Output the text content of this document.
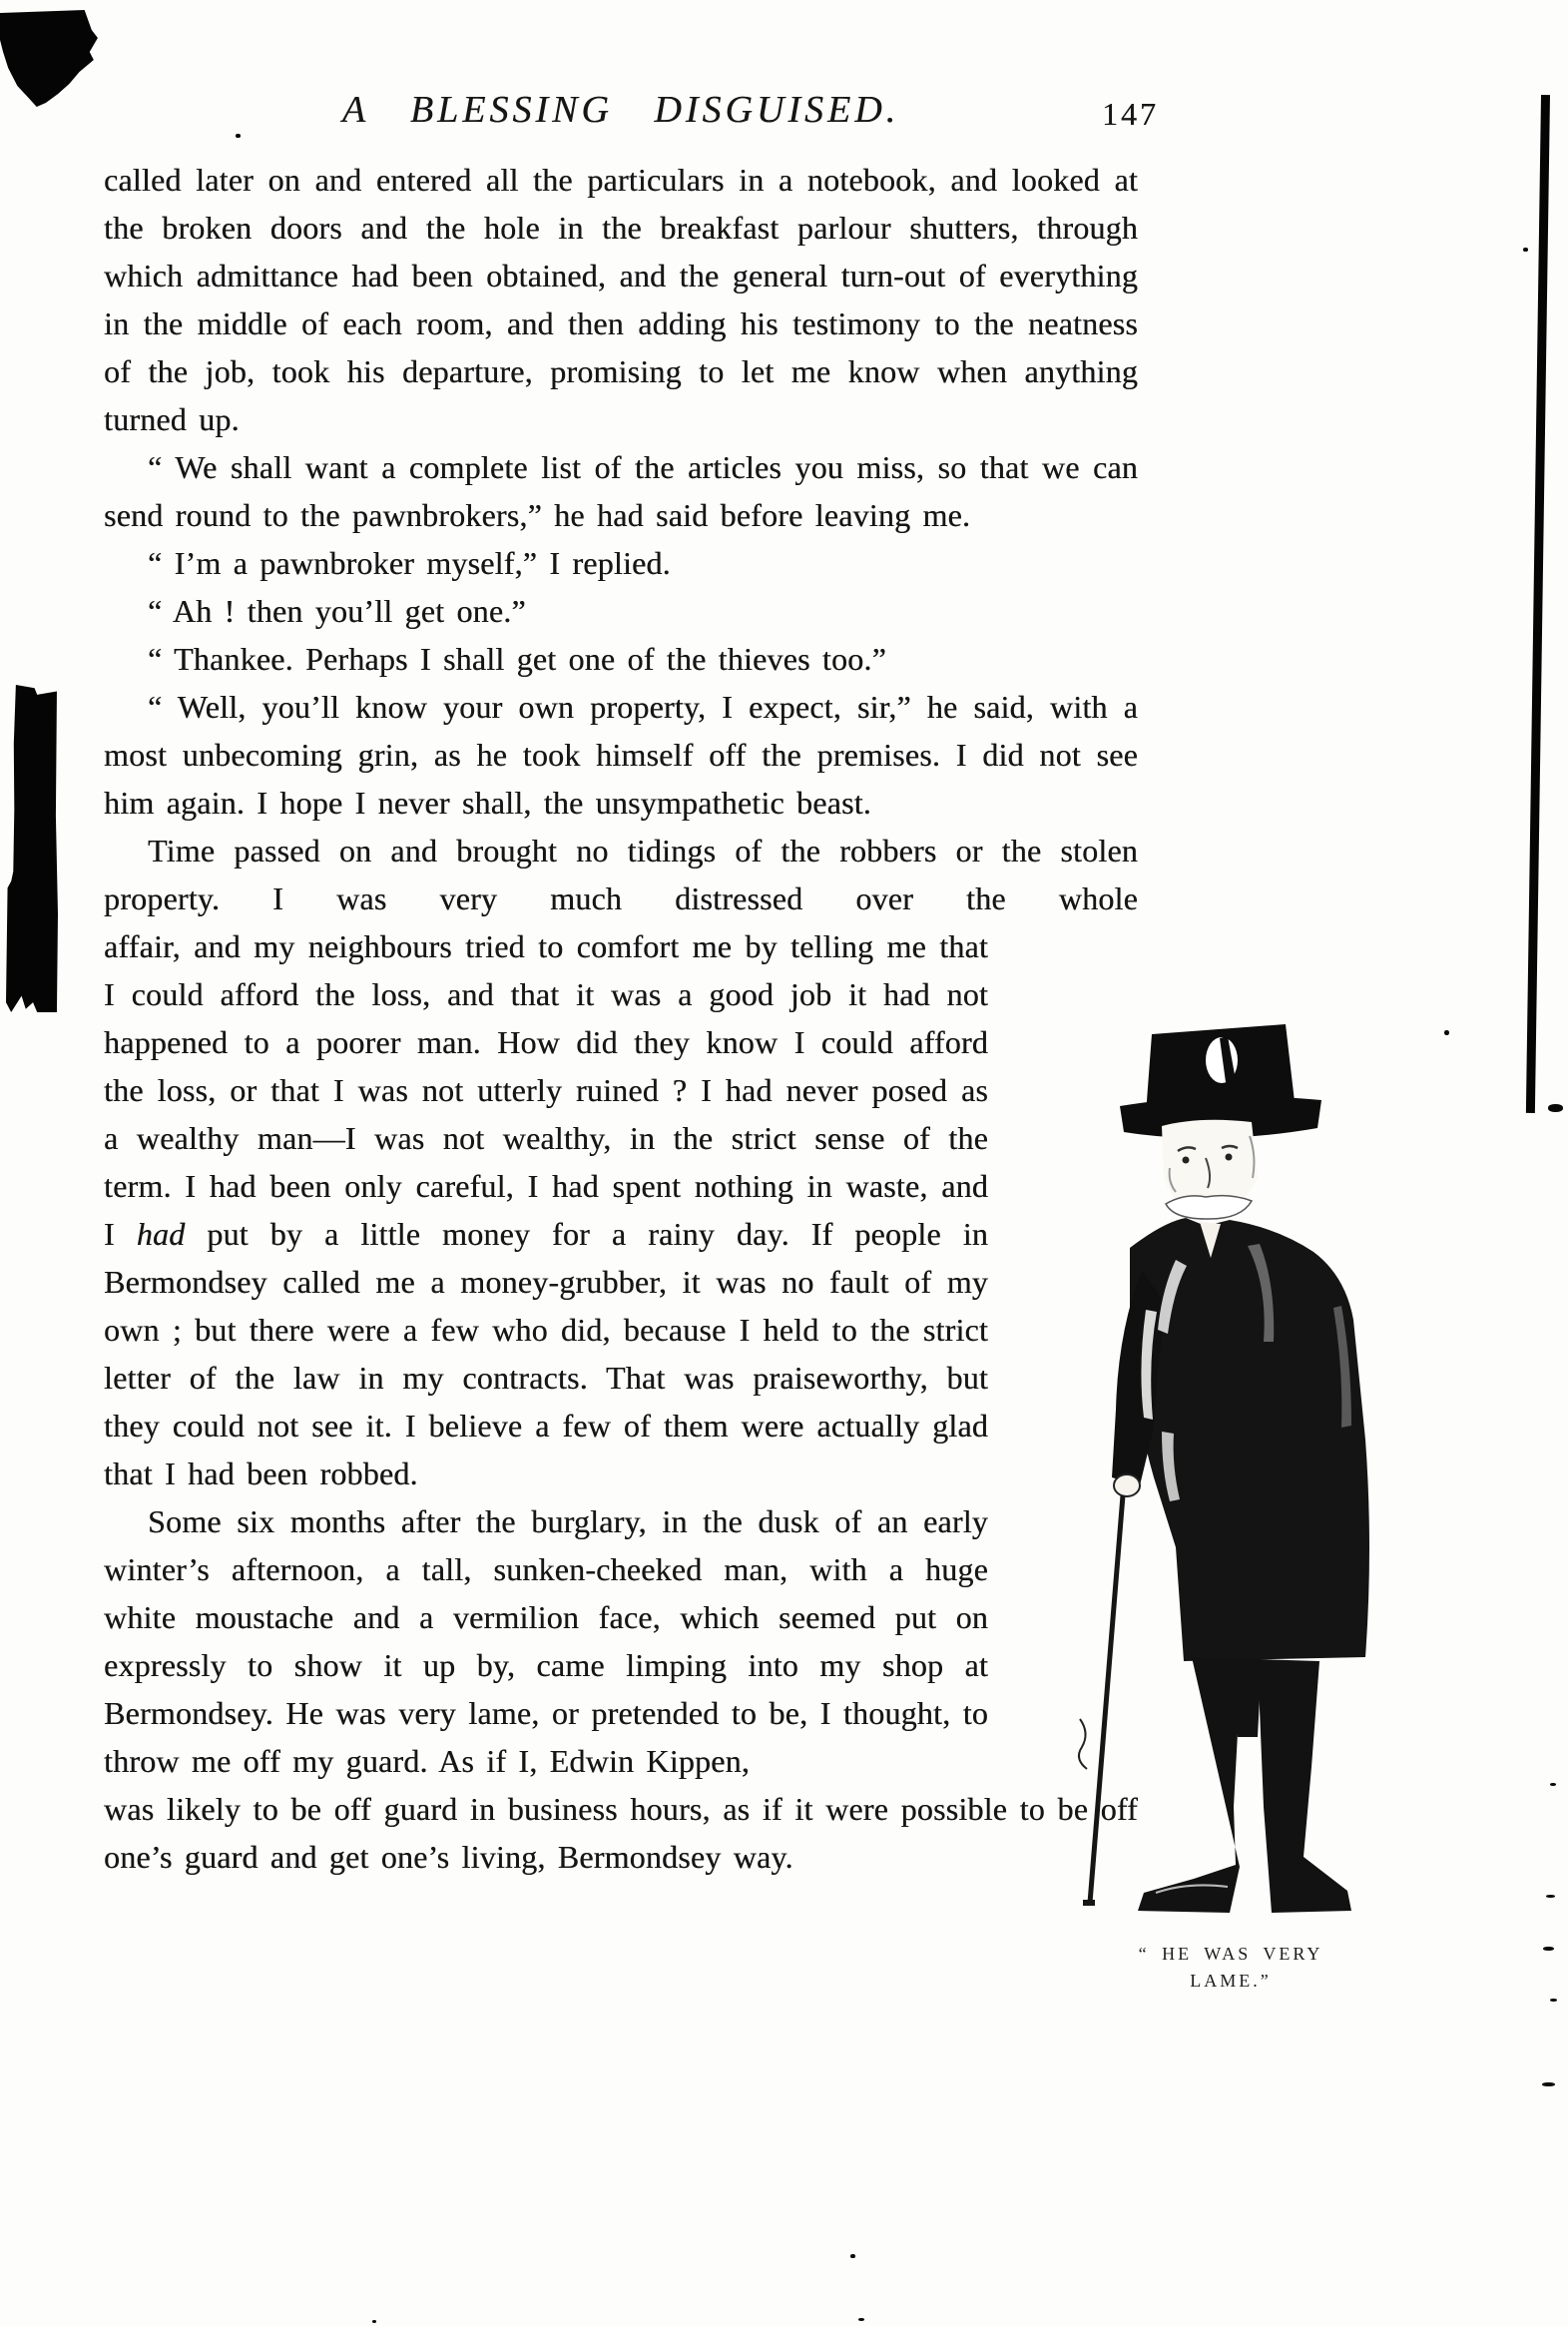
A BLESSING DISGUISED.	147

called later on and entered all the particulars in a notebook, and looked at the broken doors and the hole in the breakfast parlour shutters, through which admittance had been obtained, and the general turn-out of everything in the middle of each room, and then adding his testimony to the neatness of the job, took his departure, promising to let me know when anything turned up.

“ We shall want a complete list of the articles you miss, so that we can send round to the pawnbrokers,” he had said before leaving me.

“ I’m a pawnbroker myself,” I replied.

“ Ah ! then you’ll get one.”

“ Thankee. Perhaps I shall get one of the thieves too.”

“ Well, you’ll know your own property, I expect, sir,” he said, with a most unbecoming grin, as he took himself off the premises. I did not see him again. I hope I never shall, the unsympathetic beast.

Time passed on and brought no tidings of the robbers or the stolen property. I was very much distressed over the whole

affair, and my neighbours tried to comfort me by telling me that I could afford the loss, and that it was a good job it had not happened to a poorer man. How did they know I could afford the loss, or that I was not utterly ruined ? I had never posed as a wealthy man—I was not wealthy, in the strict sense of the term. I had been only careful, I had spent nothing in waste, and I had put by a little money for a rainy day. If people in Bermondsey called me a money-grubber, it was no fault of my own ; but there were a few who did, because I held to the strict letter of the law in my contracts. That was praiseworthy, but they could not see it. I believe a few of them were actually glad that I had been robbed.

Some six months after the burglary, in the dusk of an early winter’s afternoon, a tall, sunken-cheeked man, with a huge white moustache and a vermilion face, which seemed put on expressly to show it up by, came limping into my shop at Bermondsey. He was very lame, or pretended to be, I thought, to throw me off my guard. As if I, Edwin Kippen,

was likely to be off guard in business hours, as if it were possible to be off one’s guard and get one’s living, Bermondsey way.

“ HE WAS VERY
LAME.”
